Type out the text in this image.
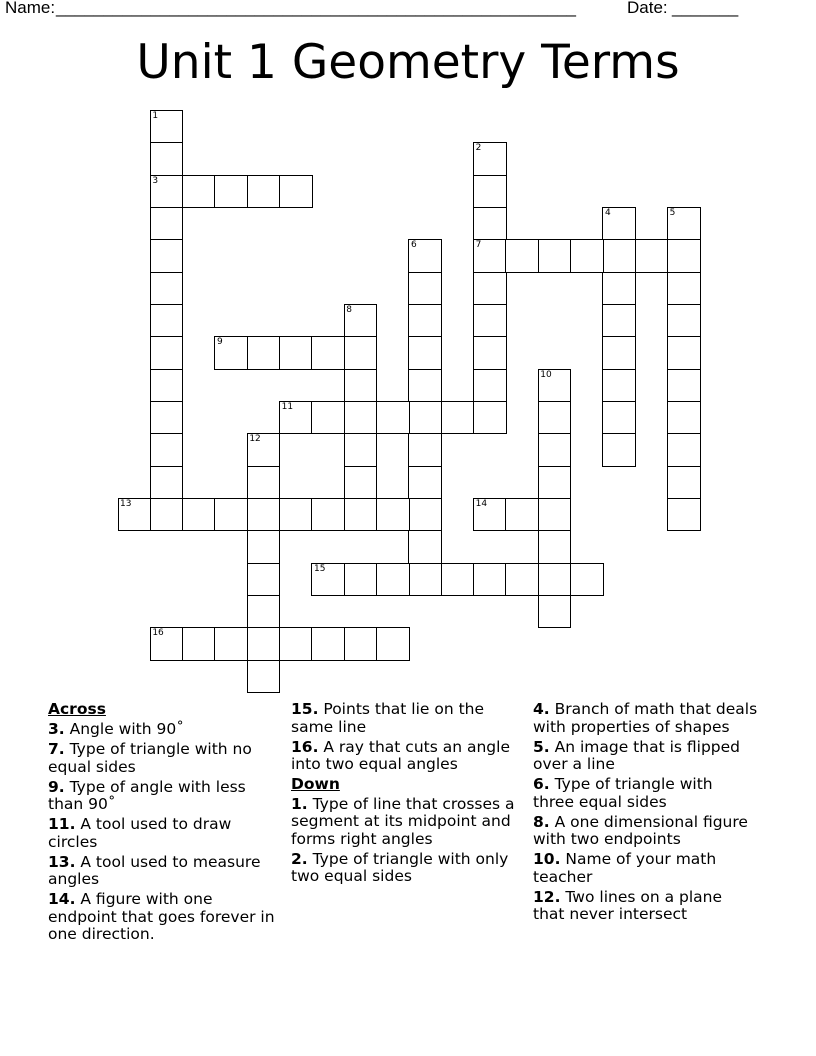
Name:
_______________________________________________________	Date: _______
Unit 1 Geometry Terms
1
3
2
7
4	5
6
8
9
10
11
12
13	14
15
16
Across
3. Angle with 90˚
7. Type of triangle with no equal sides
9. Type of angle with less than 90˚
11. A tool used to draw circles
13. A tool used to measure angles
14. A figure with one endpoint that goes forever in one direction.
15. Points that lie on the same line
16. A ray that cuts an angle into two equal angles
Down
1. Type of line that crosses a segment at its midpoint and forms right angles
2. Type of triangle with only two equal sides
4. Branch of math that deals with properties of shapes
5. An image that is flipped over a line
6. Type of triangle with three equal sides
8. A one dimensional figure with two endpoints
10. Name of your math teacher
12. Two lines on a plane that never intersect
